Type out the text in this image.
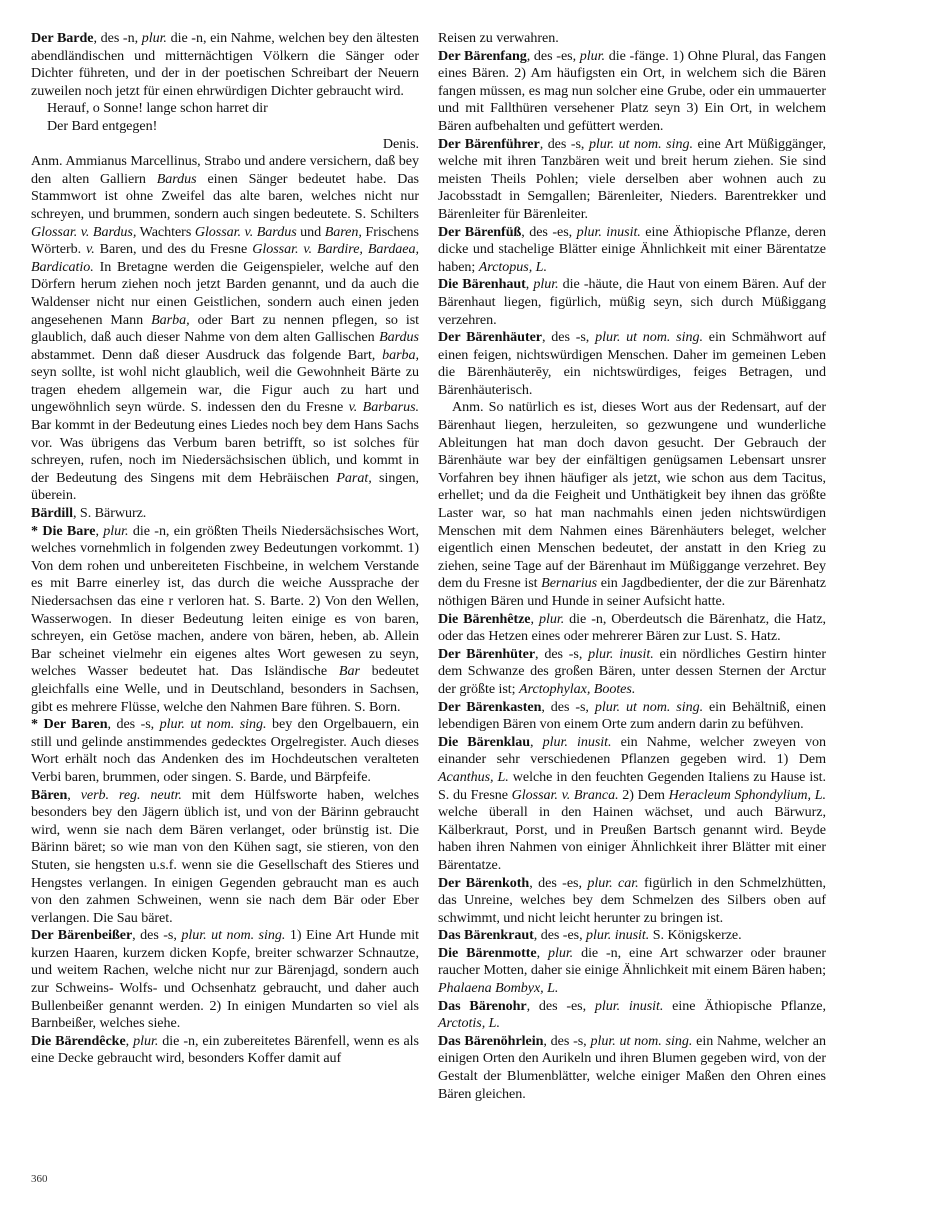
Der Barde, des -n, plur. die -n, ein Nahme, welchen bey den ältesten abendländischen und mitternächtigen Völkern die Sänger oder Dichter führeten, und der in der poetischen Schreibart der Neuern zuweilen noch jetzt für einen ehrwürdigen Dichter gebraucht wird.

Herauf, o Sonne! lange schon harret dir

Der Bard entgegen!

Denis.

Anm. Ammianus Marcellinus, Strabo und andere versichern, daß bey den alten Galliern Bardus einen Sänger bedeutet habe. Das Stammwort ist ohne Zweifel das alte baren, welches nicht nur schreyen, und brummen, sondern auch singen bedeutete. S. Schilters Glossar. v. Bardus, Wachters Glossar. v. Bardus und Baren, Frischens Wörterb. v. Baren, und des du Fresne Glossar. v. Bardire, Bardaea, Bardicatio. In Bretagne werden die Geigenspieler, welche auf den Dörfern herum ziehen noch jetzt Barden genannt, und da auch die Waldenser nicht nur einen Geistlichen, sondern auch einen jeden angesehenen Mann Barba, oder Bart zu nennen pflegen, so ist glaublich, daß auch dieser Nahme von dem alten Gallischen Bardus abstammet. Denn daß dieser Ausdruck das folgende Bart, barba, seyn sollte, ist wohl nicht glaublich, weil die Gewohnheit Bärte zu tragen ehedem allgemein war, die Figur auch zu hart und ungewöhnlich seyn würde. S. indessen den du Fresne v. Barbarus. Bar kommt in der Bedeutung eines Liedes noch bey dem Hans Sachs vor. Was übrigens das Verbum baren betrifft, so ist solches für schreyen, rufen, noch im Niedersächsischen üblich, und kommt in der Bedeutung des Singens mit dem Hebräischen Parat, singen, überein.

Bärdill, S. Bärwurz.

* Die Bare, plur. die -n, ein größten Theils Niedersächsisches Wort, welches vornehmlich in folgenden zwey Bedeutungen vorkommt. 1) Von dem rohen und unbereiteten Fischbeine, in welchem Verstande es mit Barre einerley ist, das durch die weiche Aussprache der Niedersachsen das eine r verloren hat. S. Barte. 2) Von den Wellen, Wasserwogen. In dieser Bedeutung leiten einige es von baren, schreyen, ein Getöse machen, andere von bären, heben, ab. Allein Bar scheinet vielmehr ein eigenes altes Wort gewesen zu seyn, welches Wasser bedeutet hat. Das Isländische Bar bedeutet gleichfalls eine Welle, und in Deutschland, besonders in Sachsen, gibt es mehrere Flüsse, welche den Nahmen Bare führen. S. Born.

* Der Baren, des -s, plur. ut nom. sing. bey den Orgelbauern, ein still und gelinde anstimmendes gedecktes Orgelregister. Auch dieses Wort erhält noch das Andenken des im Hochdeutschen veralteten Verbi baren, brummen, oder singen. S. Barde, und Bärpfeife.

Bären, verb. reg. neutr. mit dem Hülfsworte haben, welches besonders bey den Jägern üblich ist, und von der Bärinn gebraucht wird, wenn sie nach dem Bären verlanget, oder brünstig ist. Die Bärinn bäret; so wie man von den Kühen sagt, sie stieren, von den Stuten, sie hengsten u.s.f. wenn sie die Gesellschaft des Stieres und Hengstes verlangen. In einigen Gegenden gebraucht man es auch von den zahmen Schweinen, wenn sie nach dem Bär oder Eber verlangen. Die Sau bäret.

Der Bärenbeißer, des -s, plur. ut nom. sing. 1) Eine Art Hunde mit kurzen Haaren, kurzem dicken Kopfe, breiter schwarzer Schnautze, und weitem Rachen, welche nicht nur zur Bärenjagd, sondern auch zur Schweins- Wolfs- und Ochsenhatz gebraucht, und daher auch Bullenbeißer genannt werden. 2) In einigen Mundarten so viel als Barnbeißer, welches siehe.

Die Bärendêcke, plur. die -n, ein zubereitetes Bärenfell, wenn es als eine Decke gebraucht wird, besonders Koffer damit auf

Reisen zu verwahren.

Der Bärenfang, des -es, plur. die -fänge. 1) Ohne Plural, das Fangen eines Bären. 2) Am häufigsten ein Ort, in welchem sich die Bären fangen müssen, es mag nun solcher eine Grube, oder ein ummauerter und mit Fallthüren versehener Platz seyn 3) Ein Ort, in welchem Bären aufbehalten und gefüttert werden.

Der Bärenführer, des -s, plur. ut nom. sing. eine Art Müßiggänger, welche mit ihren Tanzbären weit und breit herum ziehen. Sie sind meisten Theils Pohlen; viele derselben aber wohnen auch zu Jacobsstadt in Semgallen; Bärenleiter, Nieders. Barentrekker und Bärenleiter für Bärenleiter.

Der Bärenfüß, des -es, plur. inusit. eine Äthiopische Pflanze, deren dicke und stachelige Blätter einige Ähnlichkeit mit einer Bärentatze haben; Arctopus, L.

Die Bärenhaut, plur. die -häute, die Haut von einem Bären. Auf der Bärenhaut liegen, figürlich, müßig seyn, sich durch Müßiggang verzehren.

Der Bärenhäuter, des -s, plur. ut nom. sing. ein Schmähwort auf einen feigen, nichtswürdigen Menschen. Daher im gemeinen Leben die Bärenhäuterēy, ein nichtswürdiges, feiges Betragen, und Bärenhäuterisch.

Anm. So natürlich es ist, dieses Wort aus der Redensart, auf der Bärenhaut liegen, herzuleiten, so gezwungene und wunderliche Ableitungen hat man doch davon gesucht. Der Gebrauch der Bärenhäute war bey der einfältigen genügsamen Lebensart unsrer Vorfahren bey ihnen häufiger als jetzt, wie schon aus dem Tacitus, erhellet; und da die Feigheit und Unthätigkeit bey ihnen das größte Laster war, so hat man nachmahls einen jeden nichtswürdigen Menschen mit dem Nahmen eines Bärenhäuters beleget, welcher eigentlich einen Menschen bedeutet, der anstatt in den Krieg zu ziehen, seine Tage auf der Bärenhaut im Müßiggange verzehret. Bey dem du Fresne ist Bernarius ein Jagdbedienter, der die zur Bärenhatz nöthigen Bären und Hunde in seiner Aufsicht hatte.

Die Bärenhêtze, plur. die -n, Oberdeutsch die Bärenhatz, die Hatz, oder das Hetzen eines oder mehrerer Bären zur Lust. S. Hatz.

Der Bärenhüter, des -s, plur. inusit. ein nördliches Gestirn hinter dem Schwanze des großen Bären, unter dessen Sternen der Arctur der größte ist; Arctophylax, Bootes.

Der Bärenkasten, des -s, plur. ut nom. sing. ein Behältniß, einen lebendigen Bären von einem Orte zum andern darin zu befühven.

Die Bärenklau, plur. inusit. ein Nahme, welcher zweyen von einander sehr verschiedenen Pflanzen gegeben wird. 1) Dem Acanthus, L. welche in den feuchten Gegenden Italiens zu Hause ist. S. du Fresne Glossar. v. Branca. 2) Dem Heracleum Sphondylium, L. welche überall in den Hainen wächset, und auch Bärwurz, Kälberkraut, Porst, und in Preußen Bartsch genannt wird. Beyde haben ihren Nahmen von einiger Ähnlichkeit ihrer Blätter mit einer Bärentatze.

Der Bärenkoth, des -es, plur. car. figürlich in den Schmelzhütten, das Unreine, welches bey dem Schmelzen des Silbers oben auf schwimmt, und nicht leicht herunter zu bringen ist.

Das Bärenkraut, des -es, plur. inusit. S. Königskerze.

Die Bärenmotte, plur. die -n, eine Art schwarzer oder brauner raucher Motten, daher sie einige Ähnlichkeit mit einem Bären haben; Phalaena Bombyx, L.

Das Bärenohr, des -es, plur. inusit. eine Äthiopische Pflanze, Arctotis, L.

Das Bärenöhrlein, des -s, plur. ut nom. sing. ein Nahme, welcher an einigen Orten den Aurikeln und ihren Blumen gegeben wird, von der Gestalt der Blumenblätter, welche einiger Maßen den Ohren eines Bären gleichen.

360
